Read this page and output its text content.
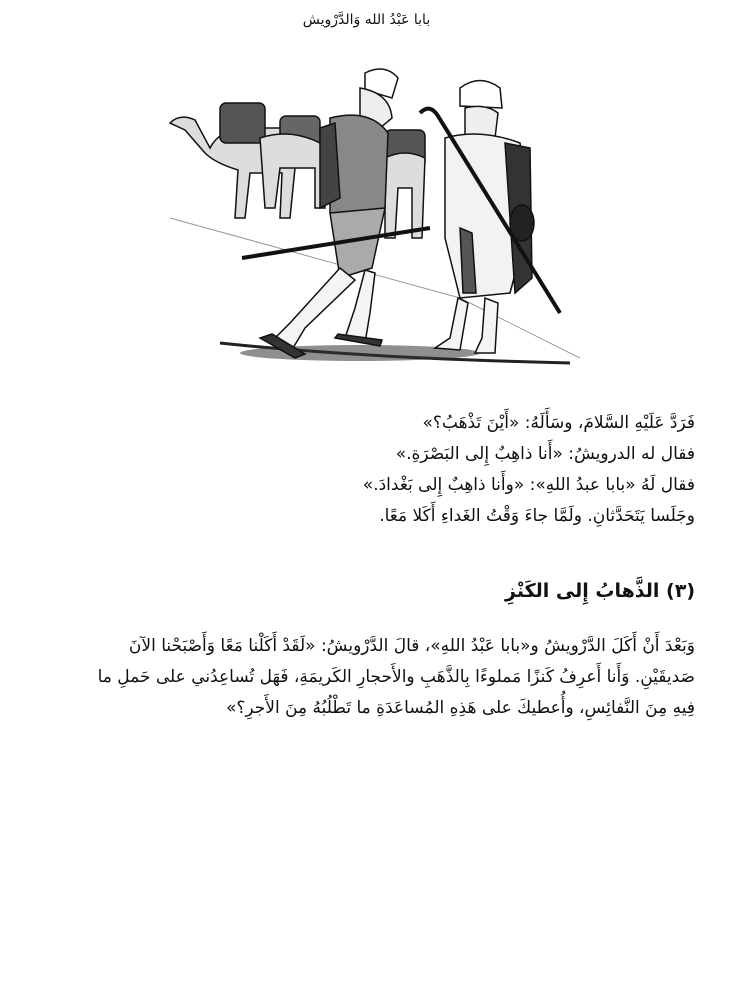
بابا عَبْدُ الله وَالدَّرْويش
فَرَدَّ عَلَيْهِ السَّلامَ، وسَأَلَهُ: «أَيْنَ تَذْهَبُ؟»
فقال له الدرويشُ: «أَنا ذاهِبٌ إِلى البَصْرَةِ.»
فقال لَهُ «بابا عبدُ اللهِ»: «وأَنا ذاهِبٌ إِلى بَغْدادَ.»
وجَلَسا يَتَحَدَّثانِ. ولَمَّا جاءَ وَقْتُ الغَداءِ أَكَلا مَعًا.
(٣) الذَّهابُ إِلى الكَنْزِ
وَبَعْدَ أَنْ أَكَلَ الدَّرْويشُ و«بابا عَبْدُ اللهِ»، قالَ الدَّرْويشُ: «لَقَدْ أَكَلْنا مَعًا وَأَصْبَحْنا الآنَ
صَديقَيْنِ. وَأَنا أَعرِفُ كَنزًا مَملوءًا بِالذَّهَبِ والأَحجارِ الكَريمَةِ، فَهَل تُساعِدُني على حَملِ ما
فِيهِ مِنَ النَّفائِسِ، وأُعطيكَ على هَذِهِ المُساعَدَةِ ما تَطْلُبُهُ مِنَ الأَجرِ؟»
